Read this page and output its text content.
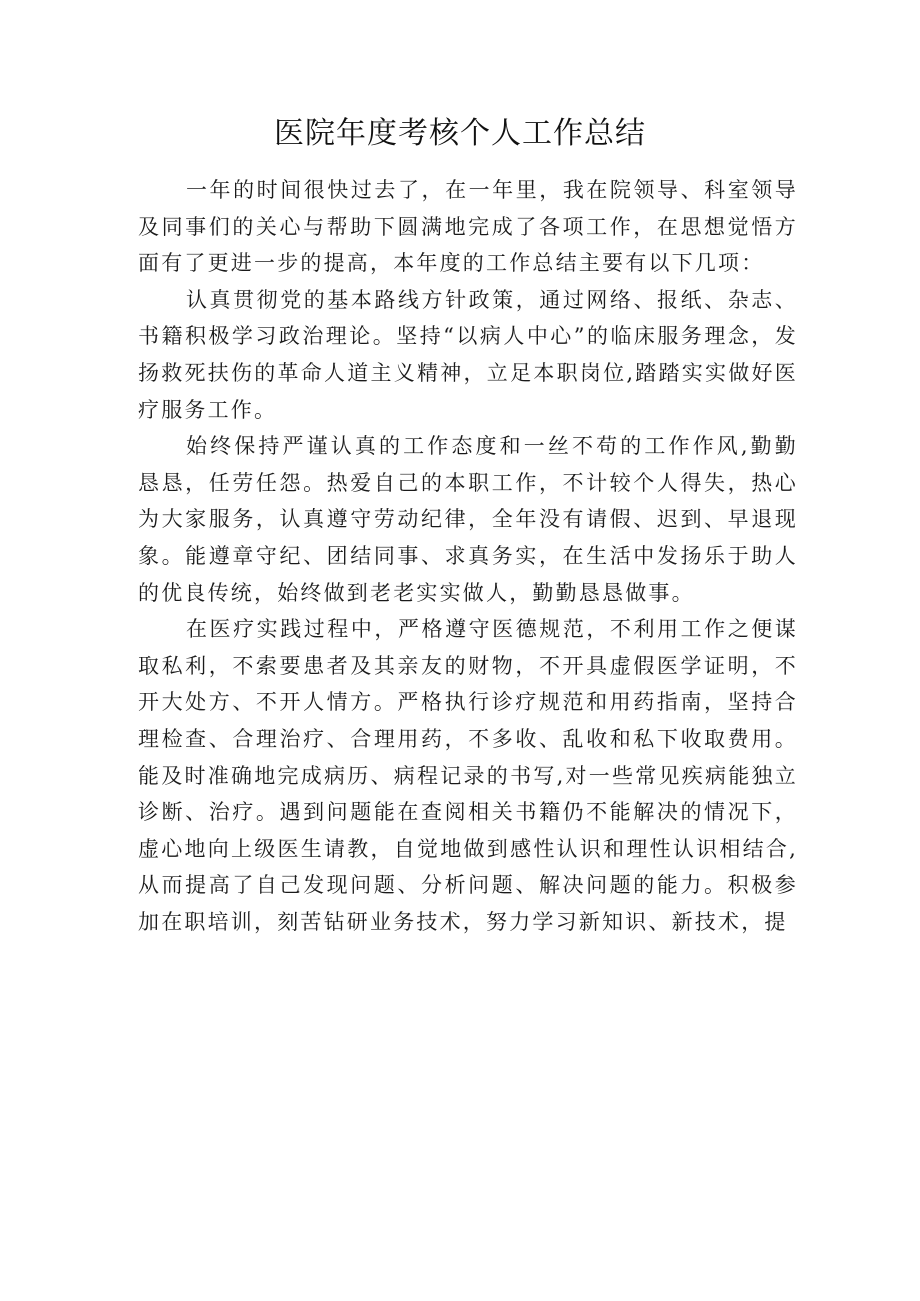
医院年度考核个人工作总结

一年的时间很快过去了，在一年里，我在院领导、科室领导及同事们的关心与帮助下圆满地完成了各项工作，在思想觉悟方面有了更进一步的提高，本年度的工作总结主要有以下几项：

认真贯彻党的基本路线方针政策，通过网络、报纸、杂志、书籍积极学习政治理论。坚持“以病人中心”的临床服务理念，发扬救死扶伤的革命人道主义精神，立足本职岗位,踏踏实实做好医疗服务工作。

始终保持严谨认真的工作态度和一丝不苟的工作作风,勤勤恳恳，任劳任怨。热爱自己的本职工作，不计较个人得失，热心为大家服务，认真遵守劳动纪律，全年没有请假、迟到、早退现象。能遵章守纪、团结同事、求真务实，在生活中发扬乐于助人的优良传统，始终做到老老实实做人，勤勤恳恳做事。

在医疗实践过程中，严格遵守医德规范，不利用工作之便谋取私利，不索要患者及其亲友的财物，不开具虚假医学证明，不开大处方、不开人情方。严格执行诊疗规范和用药指南，坚持合理检查、合理治疗、合理用药，不多收、乱收和私下收取费用。能及时准确地完成病历、病程记录的书写,对一些常见疾病能独立诊断、治疗。遇到问题能在查阅相关书籍仍不能解决的情况下，虚心地向上级医生请教，自觉地做到感性认识和理性认识相结合,从而提高了自己发现问题、分析问题、解决问题的能力。积极参加在职培训，刻苦钻研业务技术，努力学习新知识、新技术，提
